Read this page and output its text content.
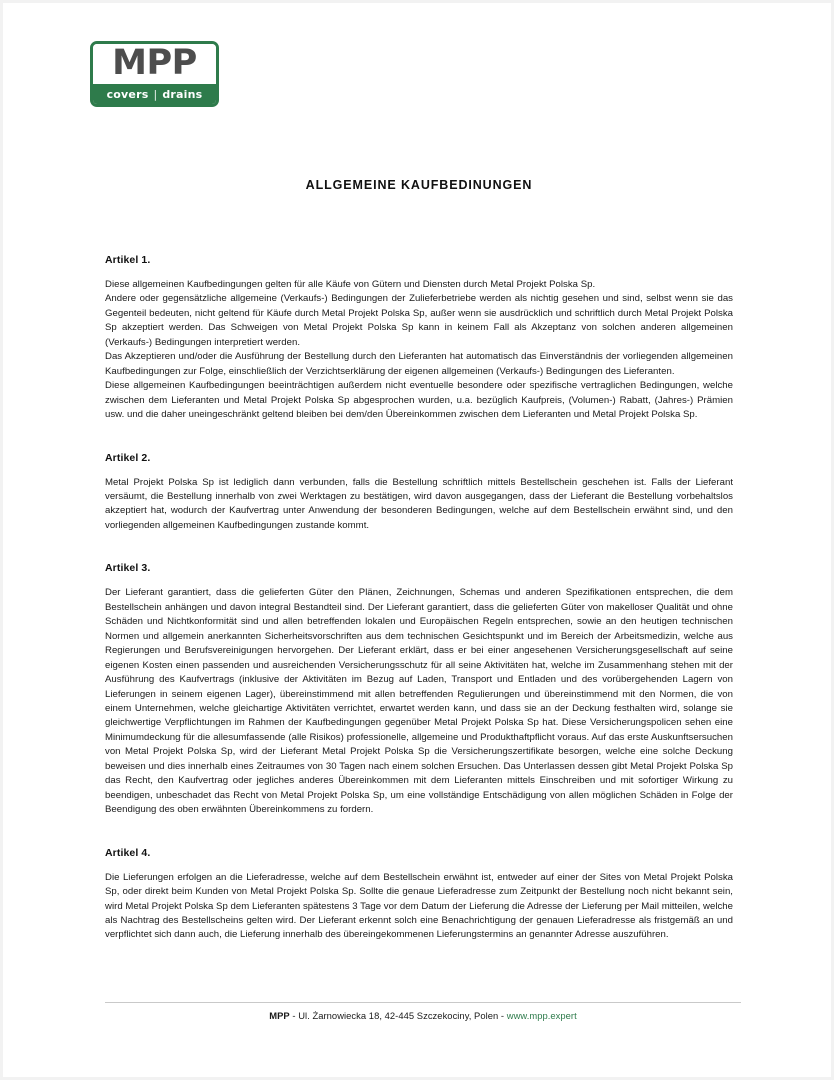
MPP
covers | drains
ALLGEMEINE KAUFBEDINUNGEN
Artikel 1.

Diese allgemeinen Kaufbedingungen gelten für alle Käufe von Gütern und Diensten durch Metal Projekt Polska Sp.

Andere oder gegensätzliche allgemeine (Verkaufs-) Bedingungen der Zulieferbetriebe werden als nichtig gesehen und sind, selbst wenn sie das Gegenteil bedeuten, nicht geltend für Käufe durch Metal Projekt Polska Sp, außer wenn sie ausdrücklich und schriftlich durch Metal Projekt Polska Sp akzeptiert werden. Das Schweigen von Metal Projekt Polska Sp kann in keinem Fall als Akzeptanz von solchen anderen allgemeinen (Verkaufs-) Bedingungen interpretiert werden.

Das Akzeptieren und/oder die Ausführung der Bestellung durch den Lieferanten hat automatisch das Einverständnis der vorliegenden allgemeinen Kaufbedingungen zur Folge, einschließlich der Verzichtserklärung der eigenen allgemeinen (Verkaufs-) Bedingungen des Lieferanten.

Diese allgemeinen Kaufbedingungen beeinträchtigen außerdem nicht eventuelle besondere oder spezifische vertraglichen Bedingungen, welche zwischen dem Lieferanten und Metal Projekt Polska Sp abgesprochen wurden, u.a. bezüglich Kaufpreis, (Volumen-) Rabatt, (Jahres-) Prämien usw. und die daher uneingeschränkt geltend bleiben bei dem/den Übereinkommen zwischen dem Lieferanten und Metal Projekt Polska Sp.

Artikel 2.

Metal Projekt Polska Sp ist lediglich dann verbunden, falls die Bestellung schriftlich mittels Bestellschein geschehen ist. Falls der Lieferant versäumt, die Bestellung innerhalb von zwei Werktagen zu bestätigen, wird davon ausgegangen, dass der Lieferant die Bestellung vorbehaltslos akzeptiert hat, wodurch der Kaufvertrag unter Anwendung der besonderen Bedingungen, welche auf dem Bestellschein erwähnt sind, und den vorliegenden allgemeinen Kaufbedingungen zustande kommt.

Artikel 3.

Der Lieferant garantiert, dass die gelieferten Güter den Plänen, Zeichnungen, Schemas und anderen Spezifikationen entsprechen, die dem Bestellschein anhängen und davon integral Bestandteil sind. Der Lieferant garantiert, dass die gelieferten Güter von makelloser Qualität und ohne Schäden und Nichtkonformität sind und allen betreffenden lokalen und Europäischen Regeln entsprechen, sowie an den heutigen technischen Normen und allgemein anerkannten Sicherheitsvorschriften aus dem technischen Gesichtspunkt und im Bereich der Arbeitsmedizin, welche aus Regierungen und Berufsvereinigungen hervorgehen. Der Lieferant erklärt, dass er bei einer angesehenen Versicherungsgesellschaft auf seine eigenen Kosten einen passenden und ausreichenden Versicherungsschutz für all seine Aktivitäten hat, welche im Zusammenhang stehen mit der Ausführung des Kaufvertrags (inklusive der Aktivitäten im Bezug auf Laden, Transport und Entladen und des vorübergehenden Lagern von Lieferungen in seinem eigenen Lager), übereinstimmend mit allen betreffenden Regulierungen und übereinstimmend mit den Normen, die von einem Unternehmen, welche gleichartige Aktivitäten verrichtet, erwartet werden kann, und dass sie an der Deckung festhalten wird, solange sie gleichwertige Verpflichtungen im Rahmen der Kaufbedingungen gegenüber Metal Projekt Polska Sp hat. Diese Versicherungspolicen sehen eine Minimumdeckung für die allesumfassende (alle Risikos) professionelle, allgemeine und Produkthaftpflicht voraus. Auf das erste Auskunftsersuchen von Metal Projekt Polska Sp, wird der Lieferant Metal Projekt Polska Sp die Versicherungszertifikate besorgen, welche eine solche Deckung beweisen und dies innerhalb eines Zeitraumes von 30 Tagen nach einem solchen Ersuchen. Das Unterlassen dessen gibt Metal Projekt Polska Sp das Recht, den Kaufvertrag oder jegliches anderes Übereinkommen mit dem Lieferanten mittels Einschreiben und mit sofortiger Wirkung zu beendigen, unbeschadet das Recht von Metal Projekt Polska Sp, um eine vollständige Entschädigung von allen möglichen Schäden in Folge der Beendigung des oben erwähnten Übereinkommens zu fordern.

Artikel 4.

Die Lieferungen erfolgen an die Lieferadresse, welche auf dem Bestellschein erwähnt ist, entweder auf einer der Sites von Metal Projekt Polska Sp, oder direkt beim Kunden von Metal Projekt Polska Sp. Sollte die genaue Lieferadresse zum Zeitpunkt der Bestellung noch nicht bekannt sein, wird Metal Projekt Polska Sp dem Lieferanten spätestens 3 Tage vor dem Datum der Lieferung die Adresse der Lieferung per Mail mitteilen, welche als Nachtrag des Bestellscheins gelten wird. Der Lieferant erkennt solch eine Benachrichtigung der genauen Lieferadresse als fristgemäß an und verpflichtet sich dann auch, die Lieferung innerhalb des übereingekommenen Lieferungstermins an genannter Adresse auszuführen.

MPP - Ul. Żarnowiecka 18, 42-445 Szczekociny, Polen - www.mpp.expert
